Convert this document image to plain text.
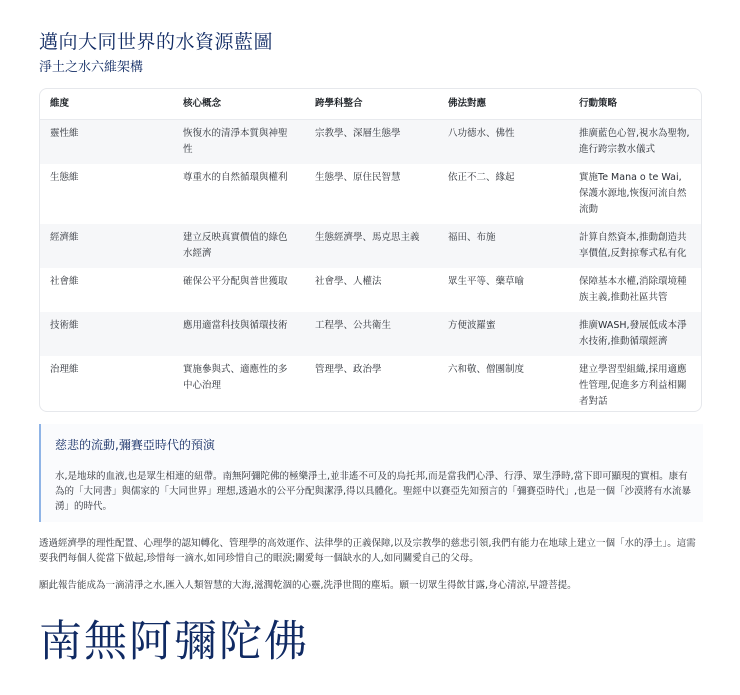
邁向大同世界的水資源藍圖
淨土之水六維架構
維度	核心概念	跨學科整合	佛法對應	行動策略
靈性維	恢復水的清淨本質與神聖性	宗教學、深層生態學	八功德水、佛性	推廣藍色心智,視水為聖物,進行跨宗教水儀式
生態維	尊重水的自然循環與權利	生態學、原住民智慧	依正不二、緣起	實施Te Mana o te Wai,保護水源地,恢復河流自然流動
經濟維	建立反映真實價值的綠色水經濟	生態經濟學、馬克思主義	福田、布施	計算自然資本,推動創造共享價值,反對掠奪式私有化
社會維	確保公平分配與普世獲取	社會學、人權法	眾生平等、藥草喻	保障基本水權,消除環境種族主義,推動社區共管
技術維	應用適當科技與循環技術	工程學、公共衛生	方便波羅蜜	推廣WASH,發展低成本淨水技術,推動循環經濟
治理維	實施參與式、適應性的多中心治理	管理學、政治學	六和敬、僧團制度	建立學習型組織,採用適應性管理,促進多方利益相關者對話
慈悲的流動,彌賽亞時代的預演
水,是地球的血液,也是眾生相連的紐帶。南無阿彌陀佛的極樂淨土,並非遙不可及的烏托邦,而是當我們心淨、行淨、眾生淨時,當下即可顯現的實相。康有為的「大同書」與儒家的「大同世界」理想,透過水的公平分配與潔淨,得以具體化。聖經中以賽亞先知預言的「彌賽亞時代」,也是一個「沙漠將有水流暴湧」的時代。
透過經濟學的理性配置、心理學的認知轉化、管理學的高效運作、法律學的正義保障,以及宗教學的慈悲引領,我們有能力在地球上建立一個「水的淨土」。這需要我們每個人從當下做起,珍惜每一滴水,如同珍惜自己的眼淚;關愛每一個缺水的人,如同關愛自己的父母。
願此報告能成為一滴清淨之水,匯入人類智慧的大海,滋潤乾涸的心靈,洗淨世間的塵垢。願一切眾生得飲甘露,身心清涼,早證菩提。
南無阿彌陀佛
